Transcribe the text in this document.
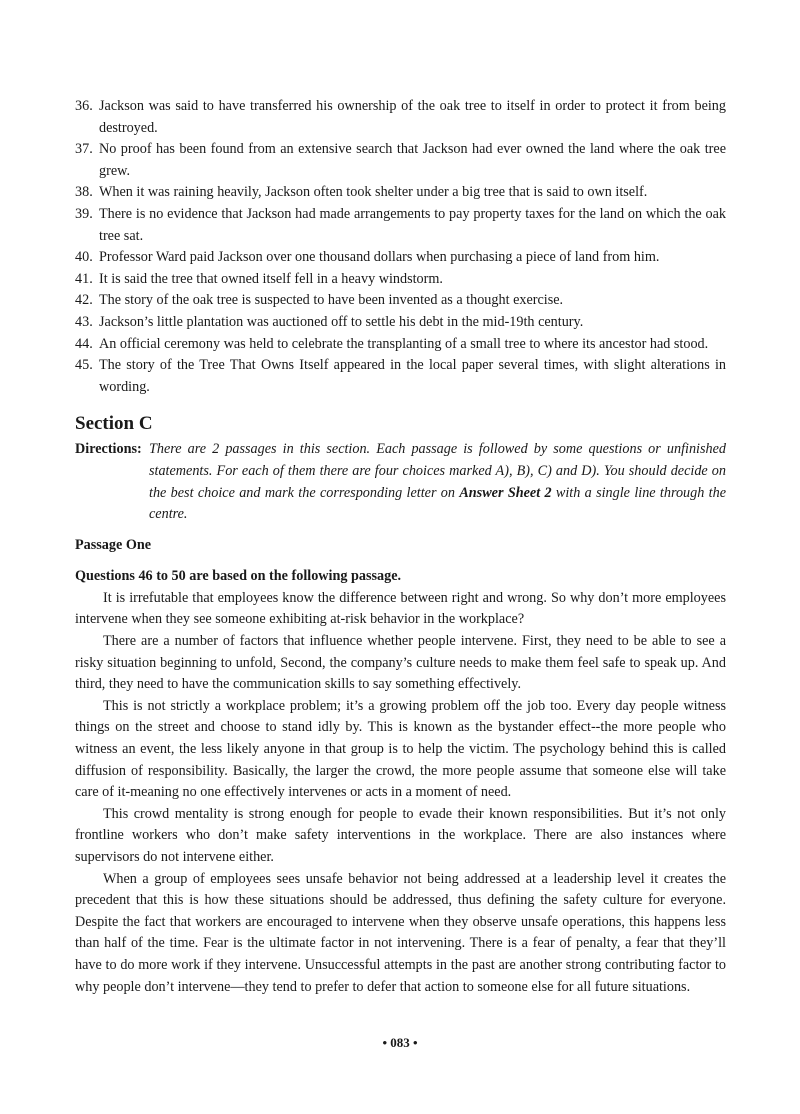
36. Jackson was said to have transferred his ownership of the oak tree to itself in order to protect it from being destroyed.
37. No proof has been found from an extensive search that Jackson had ever owned the land where the oak tree grew.
38. When it was raining heavily, Jackson often took shelter under a big tree that is said to own itself.
39. There is no evidence that Jackson had made arrangements to pay property taxes for the land on which the oak tree sat.
40. Professor Ward paid Jackson over one thousand dollars when purchasing a piece of land from him.
41. It is said the tree that owned itself fell in a heavy windstorm.
42. The story of the oak tree is suspected to have been invented as a thought exercise.
43. Jackson’s little plantation was auctioned off to settle his debt in the mid-19th century.
44. An official ceremony was held to celebrate the transplanting of a small tree to where its ancestor had stood.
45. The story of the Tree That Owns Itself appeared in the local paper several times, with slight alterations in wording.
Section C
Directions: There are 2 passages in this section. Each passage is followed by some questions or unfinished statements. For each of them there are four choices marked A), B), C) and D). You should decide on the best choice and mark the corresponding letter on Answer Sheet 2 with a single line through the centre.
Passage One
Questions 46 to 50 are based on the following passage.

It is irrefutable that employees know the difference between right and wrong. So why don’t more employees intervene when they see someone exhibiting at-risk behavior in the workplace?

There are a number of factors that influence whether people intervene. First, they need to be able to see a risky situation beginning to unfold, Second, the company’s culture needs to make them feel safe to speak up. And third, they need to have the communication skills to say something effectively.

This is not strictly a workplace problem; it’s a growing problem off the job too. Every day people witness things on the street and choose to stand idly by. This is known as the bystander effect--the more people who witness an event, the less likely anyone in that group is to help the victim. The psychology behind this is called diffusion of responsibility. Basically, the larger the crowd, the more people assume that someone else will take care of it-meaning no one effectively intervenes or acts in a moment of need.

This crowd mentality is strong enough for people to evade their known responsibilities. But it’s not only frontline workers who don’t make safety interventions in the workplace. There are also instances where supervisors do not intervene either.

When a group of employees sees unsafe behavior not being addressed at a leadership level it creates the precedent that this is how these situations should be addressed, thus defining the safety culture for everyone. Despite the fact that workers are encouraged to intervene when they observe unsafe operations, this happens less than half of the time. Fear is the ultimate factor in not intervening. There is a fear of penalty, a fear that they’ll have to do more work if they intervene. Unsuccessful attempts in the past are another strong contributing factor to why people don’t intervene—they tend to prefer to defer that action to someone else for all future situations.

• 083 •
